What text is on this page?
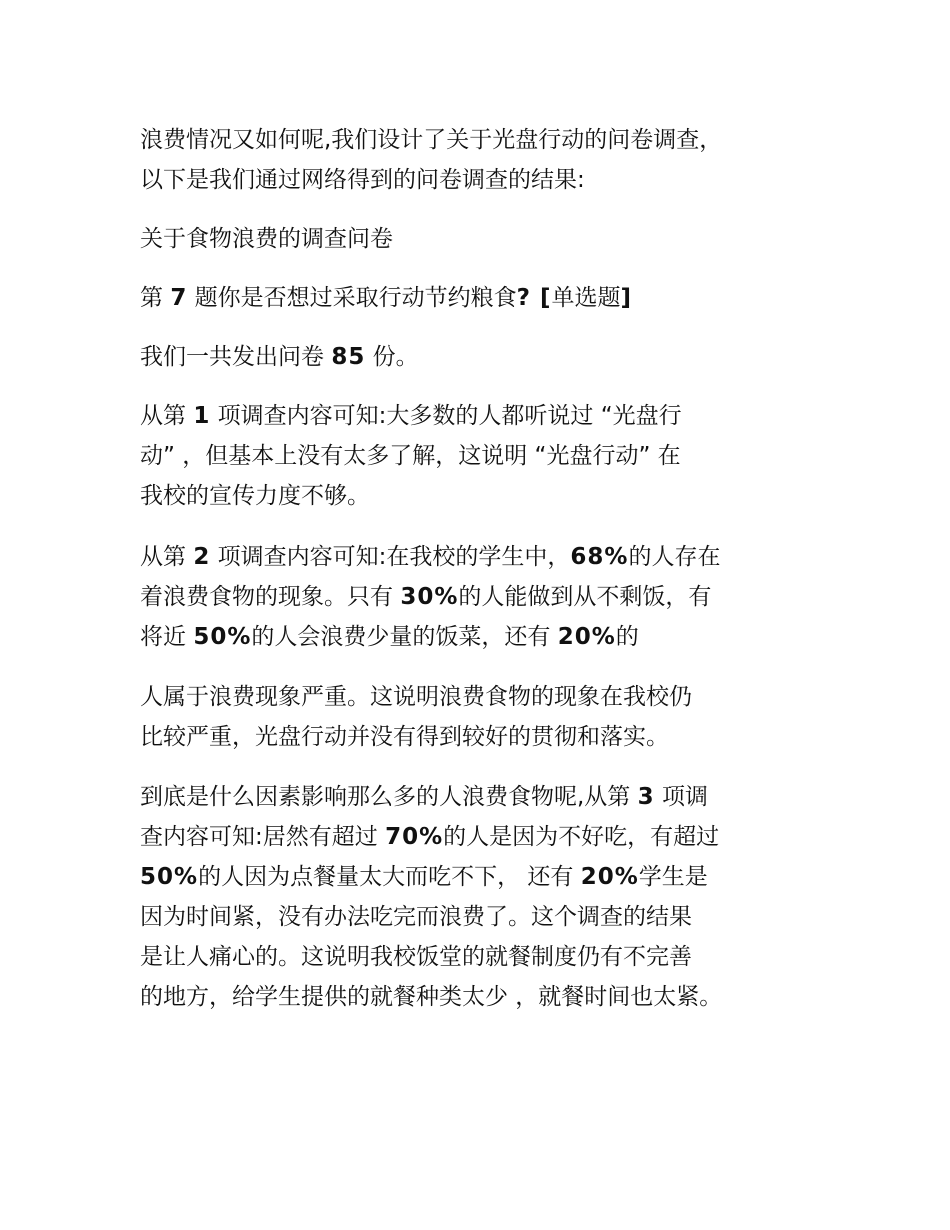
浪费情况又如何呢,我们设计了关于光盘行动的问卷调查，
以下是我们通过网络得到的问卷调查的结果:

关于食物浪费的调查问卷

第 7 题你是否想过采取行动节约粮食? [单选题]

我们一共发出问卷 85 份。

从第 1 项调查内容可知:大多数的人都听说过 “光盘行
动” ，但基本上没有太多了解，这说明 “光盘行动” 在
我校的宣传力度不够。

从第 2 项调查内容可知:在我校的学生中，68%的人存在
着浪费食物的现象。只有 30%的人能做到从不剩饭，有
将近 50%的人会浪费少量的饭菜，还有 20%的

人属于浪费现象严重。这说明浪费食物的现象在我校仍
比较严重，光盘行动并没有得到较好的贯彻和落实。

到底是什么因素影响那么多的人浪费食物呢,从第 3 项调
查内容可知:居然有超过 70%的人是因为不好吃，有超过
50%的人因为点餐量太大而吃不下， 还有 20%学生是
因为时间紧，没有办法吃完而浪费了。这个调查的结果
是让人痛心的。这说明我校饭堂的就餐制度仍有不完善
的地方，给学生提供的就餐种类太少 ，就餐时间也太紧。
